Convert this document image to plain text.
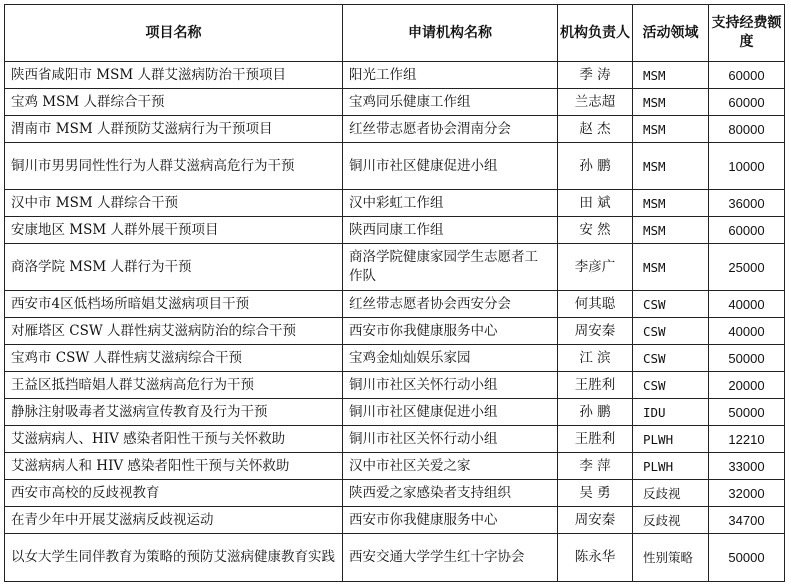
项目名称	申请机构名称	机构负责人	活动领域	支持经费额度
陕西省咸阳市 MSM 人群艾滋病防治干预项目	阳光工作组	季 涛	MSM	60000
宝鸡 MSM 人群综合干预	宝鸡同乐健康工作组	兰志超	MSM	60000
渭南市 MSM 人群预防艾滋病行为干预项目	红丝带志愿者协会渭南分会	赵 杰	MSM	80000
铜川市男男同性性行为人群艾滋病高危行为干预	铜川市社区健康促进小组	孙 鹏	MSM	10000
汉中市 MSM 人群综合干预	汉中彩虹工作组	田 斌	MSM	36000
安康地区 MSM 人群外展干预项目	陕西同康工作组	安 然	MSM	60000
商洛学院 MSM 人群行为干预	商洛学院健康家园学生志愿者工作队	李彦广	MSM	25000
西安市4区低档场所暗娼艾滋病项目干预	红丝带志愿者协会西安分会	何其聪	CSW	40000
对雁塔区 CSW 人群性病艾滋病防治的综合干预	西安市你我健康服务中心	周安秦	CSW	40000
宝鸡市 CSW 人群性病艾滋病综合干预	宝鸡金灿灿娱乐家园	江 滨	CSW	50000
王益区抵挡暗娼人群艾滋病高危行为干预	铜川市社区关怀行动小组	王胜利	CSW	20000
静脉注射吸毒者艾滋病宣传教育及行为干预	铜川市社区健康促进小组	孙 鹏	IDU	50000
艾滋病病人、HIV 感染者阳性干预与关怀救助	铜川市社区关怀行动小组	王胜利	PLWH	12210
艾滋病病人和 HIV 感染者阳性干预与关怀救助	汉中市社区关爱之家	李 萍	PLWH	33000
西安市高校的反歧视教育	陕西爱之家感染者支持组织	吴 勇	反歧视	32000
在青少年中开展艾滋病反歧视运动	西安市你我健康服务中心	周安秦	反歧视	34700
以女大学生同伴教育为策略的预防艾滋病健康教育实践	西安交通大学学生红十字协会	陈永华	性别策略	50000
